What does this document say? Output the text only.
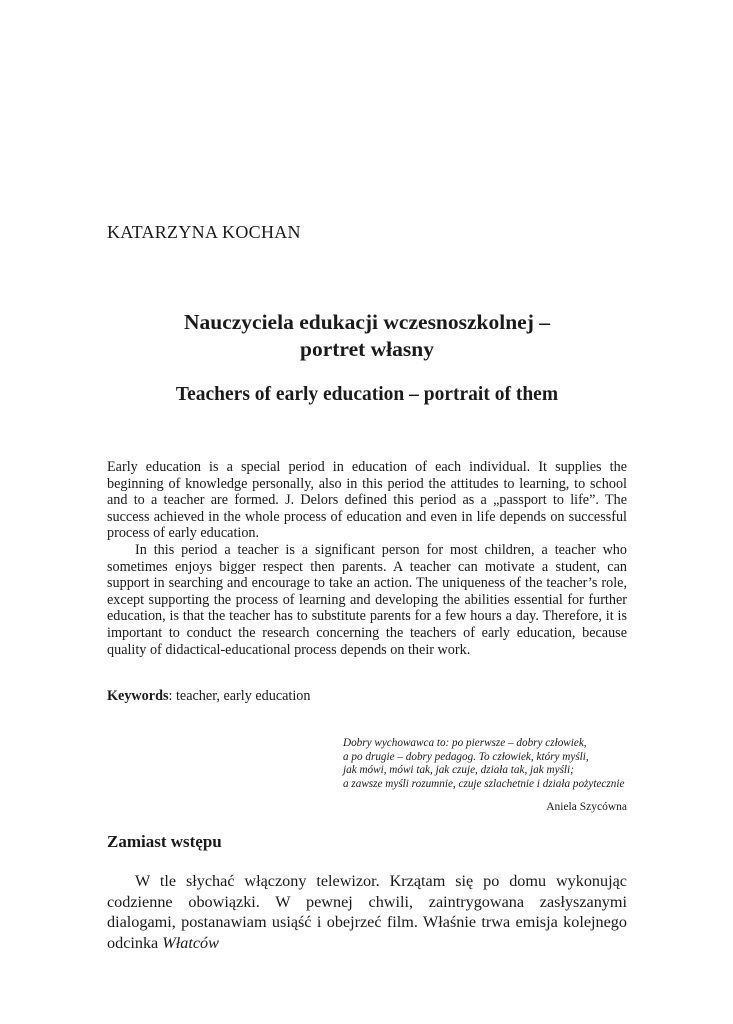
KATARZYNA KOCHAN
Nauczyciela edukacji wczesnoszkolnej –
portret własny
Teachers of early education – portrait of them

Early education is a special period in education of each individual. It supplies the beginning of knowledge personally, also in this period the attitudes to learning, to school and to a teacher are formed. J. Delors defined this period as a „passport to life”. The success achieved in the whole process of education and even in life depends on successful process of early education.

In this period a teacher is a significant person for most children, a teacher who sometimes enjoys bigger respect then parents. A teacher can motivate a student, can support in searching and encourage to take an action. The uniqueness of the teacher’s role, except supporting the process of learning and developing the abilities essential for further education, is that the teacher has to substitute parents for a few hours a day. Therefore, it is important to conduct the research concerning the teachers of early education, because quality of didactical-educational process depends on their work.

Keywords: teacher, early education
Dobry wychowawca to: po pierwsze – dobry człowiek,
a po drugie – dobry pedagog. To człowiek, który myśli,
jak mówi, mówi tak, jak czuje, działa tak, jak myśli;
a zawsze myśli rozumnie, czuje szlachetnie i działa pożytecznie
Aniela Szycówna
Zamiast wstępu

W tle słychać włączony telewizor. Krzątam się po domu wykonując codzienne obowiązki. W pewnej chwili, zaintrygowana zasłyszanymi dialogami, postanawiam usiąść i obejrzeć film. Właśnie trwa emisja kolejnego odcinka Włatców
